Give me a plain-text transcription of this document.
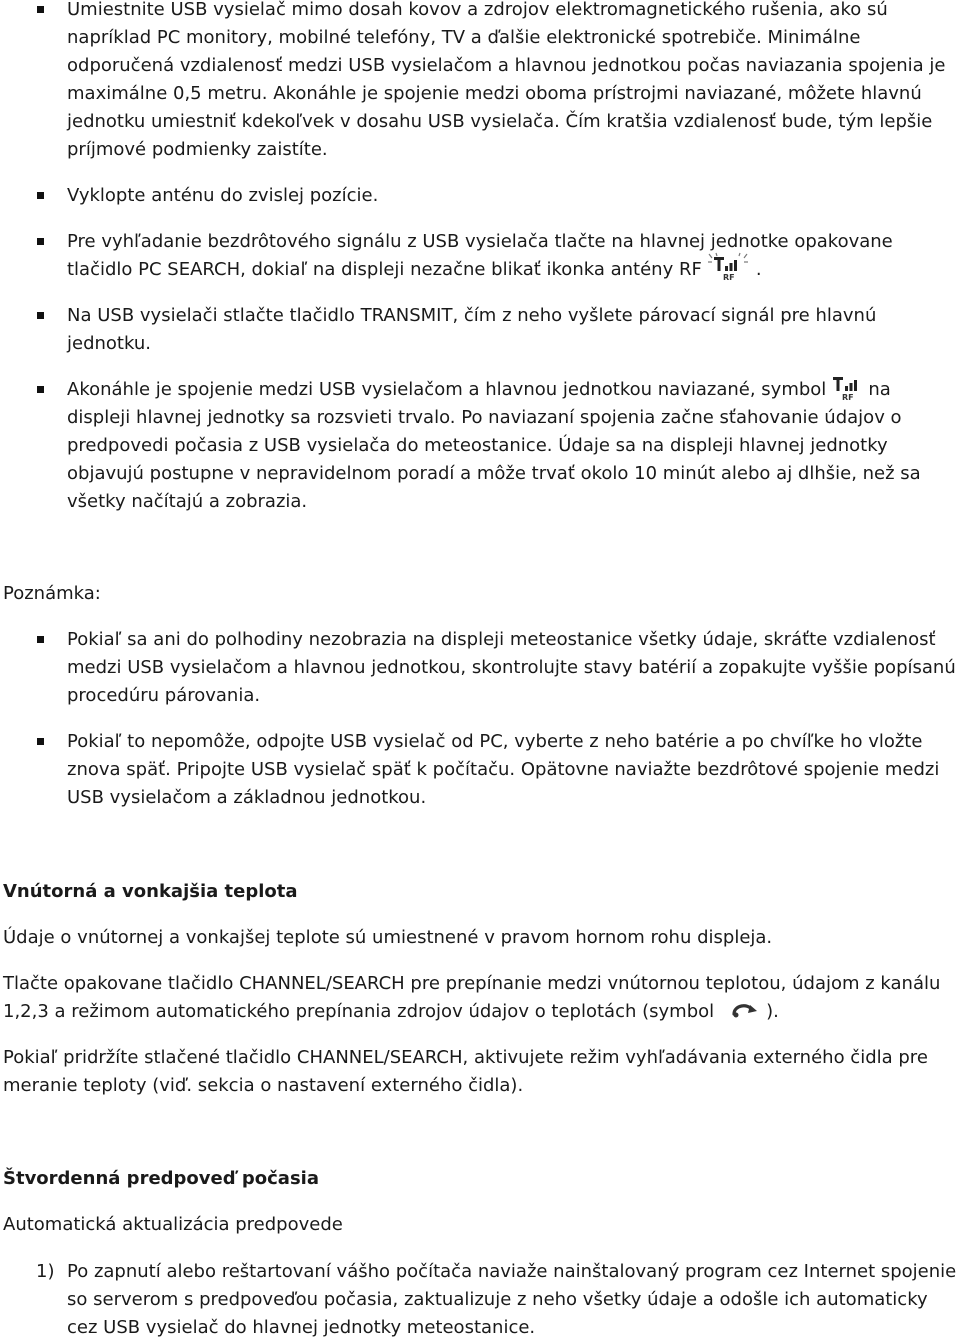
Umiestnite USB vysielač mimo dosah kovov a zdrojov elektromagnetického rušenia, ako sú napríklad PC monitory, mobilné telefóny, TV a ďalšie elektronické spotrebiče. Minimálne odporučená vzdialenosť medzi USB vysielačom a hlavnou jednotkou počas naviazania spojenia je maximálne 0,5 metru. Akonáhle je spojenie medzi oboma prístrojmi naviazané, môžete hlavnú jednotku umiestniť kdekoľvek v dosahu USB vysielača. Čím kratšia vzdialenosť bude, tým lepšie príjmové podmienky zaistíte.
Vyklopte anténu do zvislej pozície.
Pre vyhľadanie bezdrôtového signálu z USB vysielača tlačte na hlavnej jednotke opakovane tlačidlo PC SEARCH, dokiaľ na displeji nezačne blikať ikonka antény RF	RF .
Na USB vysielači stlačte tlačidlo TRANSMIT, čím z neho vyšlete párovací signál pre hlavnú jednotku.
Akonáhle je spojenie medzi USB vysielačom a hlavnou jednotkou naviazané, symbol RF na displeji hlavnej jednotky sa rozsvieti trvalo. Po naviazaní spojenia začne sťahovanie údajov o predpovedi počasia z USB vysielača do meteostanice. Údaje sa na displeji hlavnej jednotky objavujú postupne v nepravidelnom poradí a môže trvať okolo 10 minút alebo aj dlhšie, než sa všetky načítajú a zobrazia.
Poznámka:
Pokiaľ sa ani do polhodiny nezobrazia na displeji meteostanice všetky údaje, skráťte vzdialenosť medzi USB vysielačom a hlavnou jednotkou, skontrolujte stavy batérií a zopakujte vyššie popísanú procedúru párovania.
Pokiaľ to nepomôže, odpojte USB vysielač od PC, vyberte z neho batérie a po chvíľke ho vložte znova späť. Pripojte USB vysielač späť k počítaču. Opätovne naviažte bezdrôtové spojenie medzi USB vysielačom a základnou jednotkou.
Vnútorná a vonkajšia teplota
Údaje o vnútornej a vonkajšej teplote sú umiestnené v pravom hornom rohu displeja.
Tlačte opakovane tlačidlo CHANNEL/SEARCH pre prepínanie medzi vnútornou teplotou, údajom z kanálu 1,2,3 a režimom automatického prepínania zdrojov údajov o teplotách (symbol	).
Pokiaľ pridržíte stlačené tlačidlo CHANNEL/SEARCH, aktivujete režim vyhľadávania externého čidla pre meranie teploty (viď. sekcia o nastavení externého čidla).
Štvordenná predpoveď počasia
Automatická aktualizácia predpovede
1) Po zapnutí alebo reštartovaní vášho počítača naviaže nainštalovaný program cez Internet spojenie so serverom s predpoveďou počasia, zaktualizuje z neho všetky údaje a odošle ich automaticky cez USB vysielač do hlavnej jednotky meteostanice.
